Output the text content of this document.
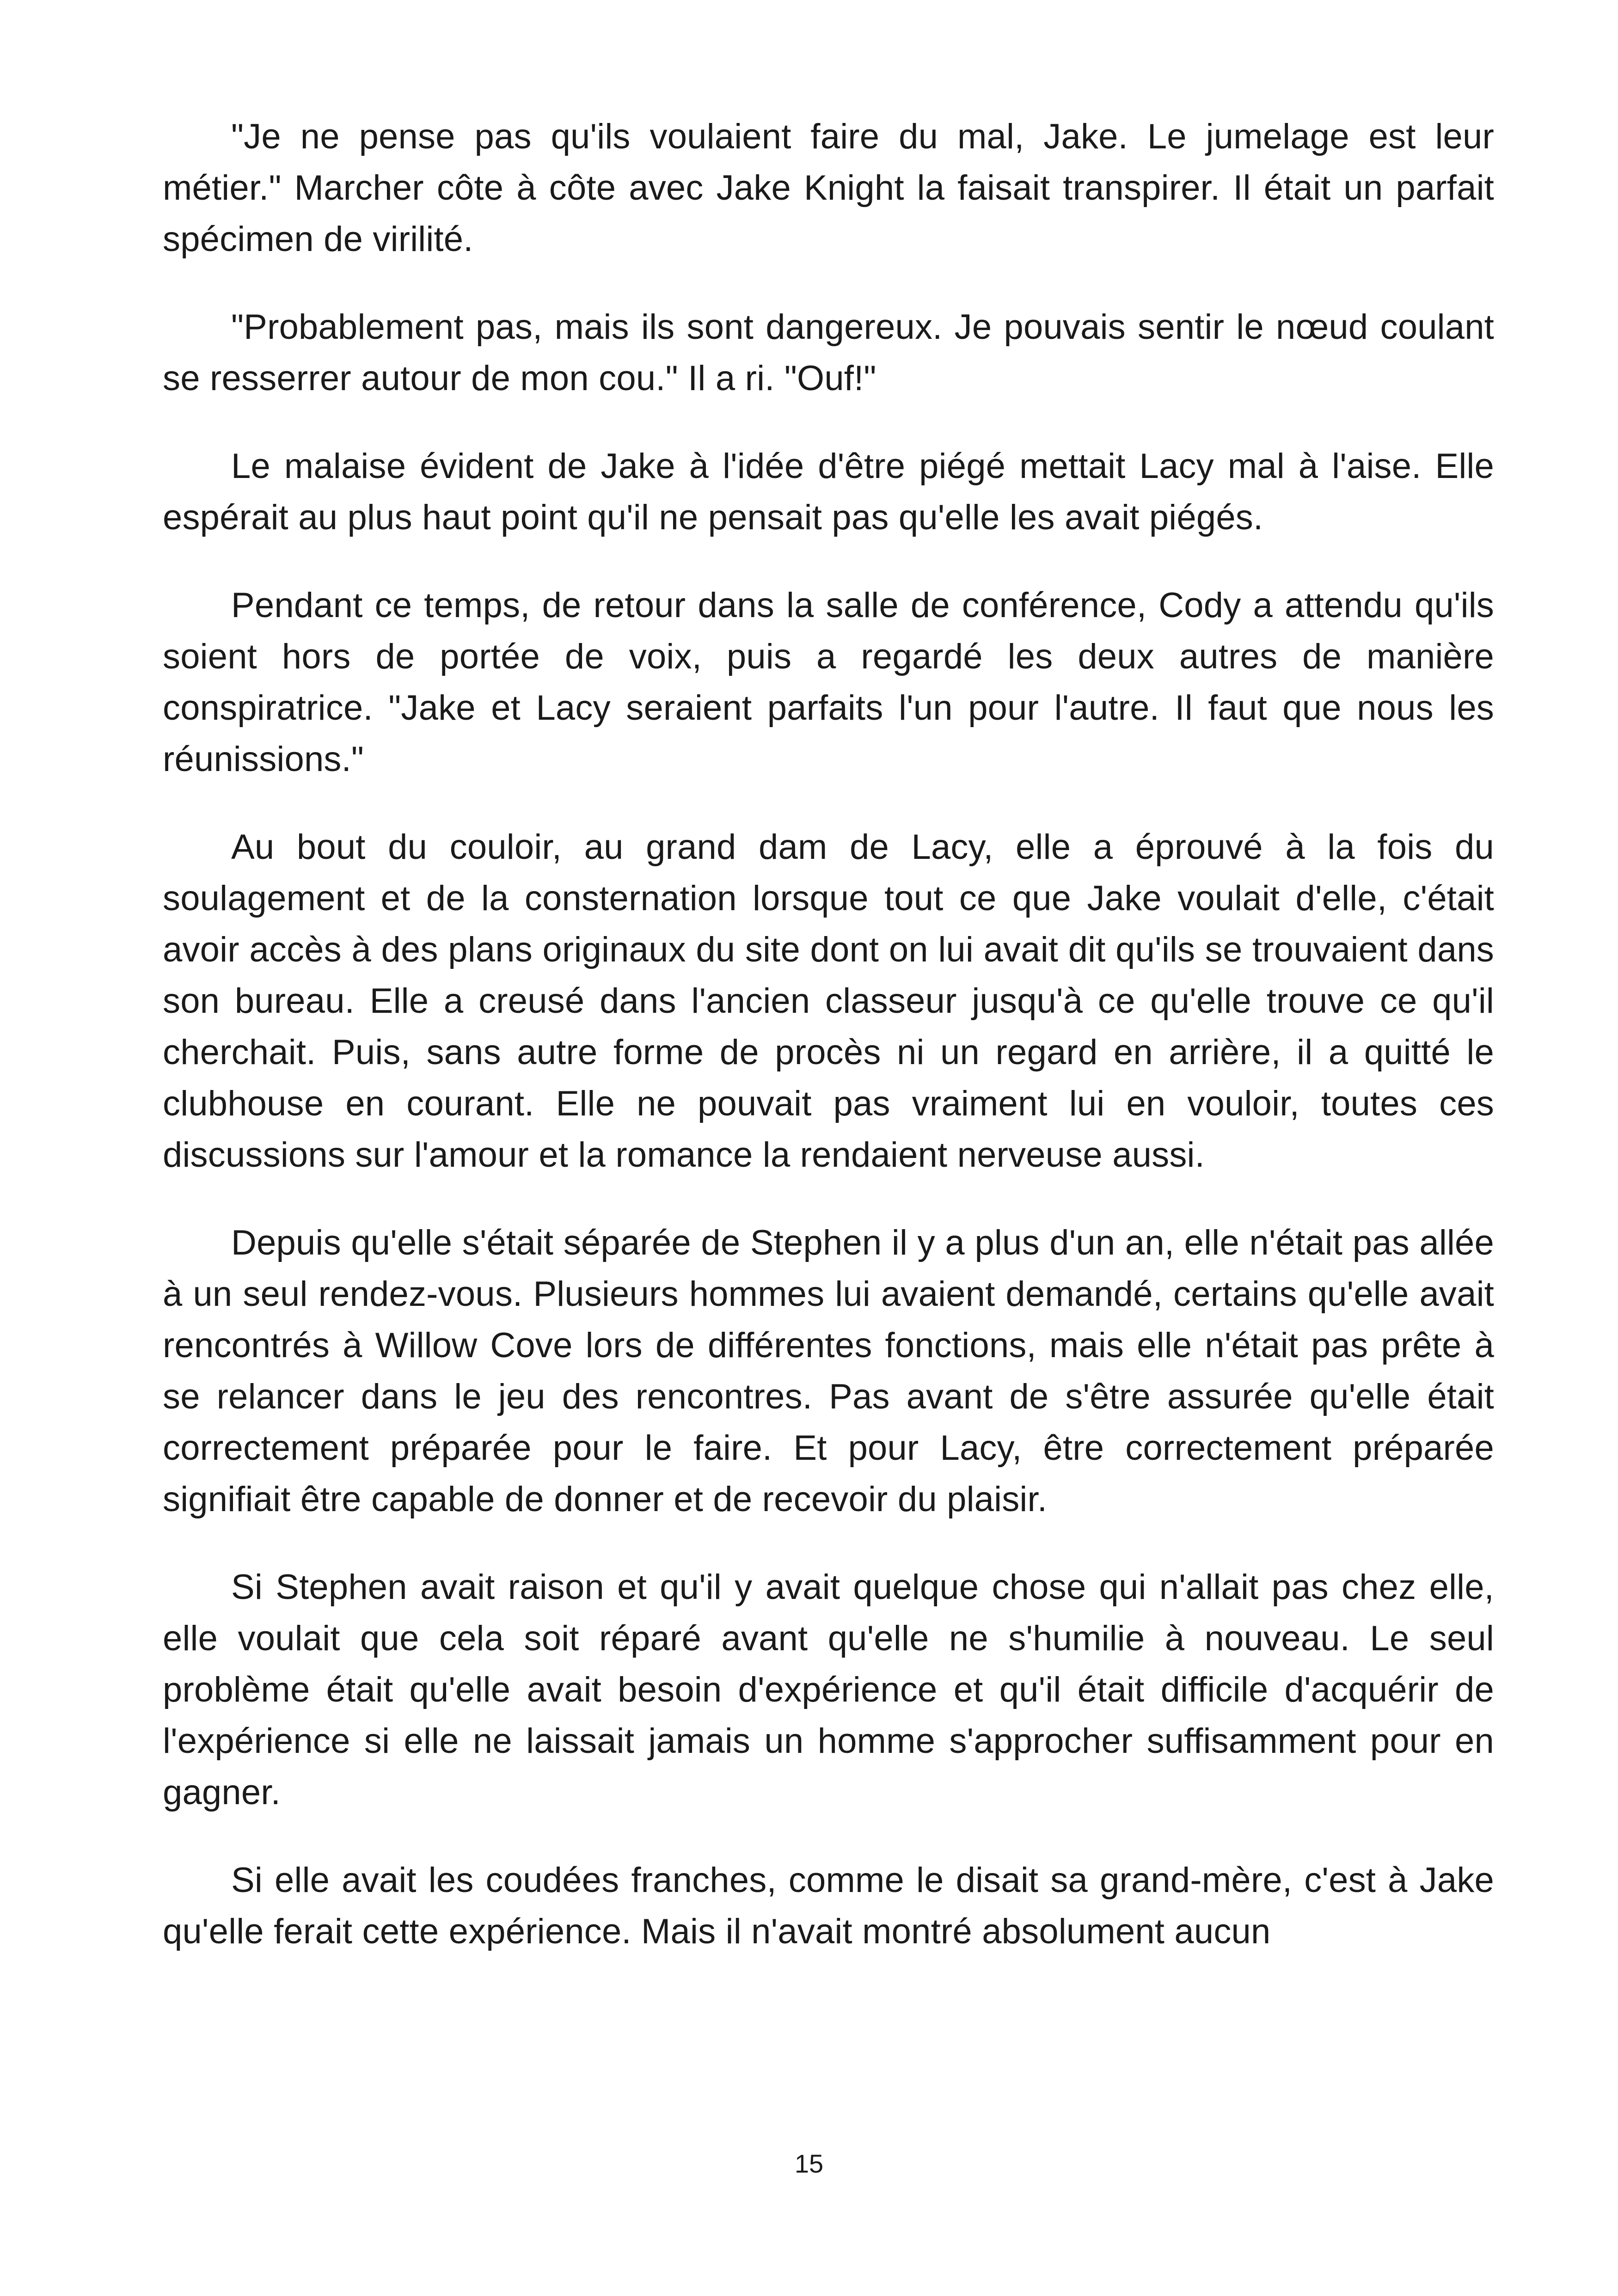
"Je ne pense pas qu'ils voulaient faire du mal, Jake. Le jumelage est leur métier." Marcher côte à côte avec Jake Knight la faisait transpirer. Il était un parfait spécimen de virilité.

"Probablement pas, mais ils sont dangereux. Je pouvais sentir le nœud coulant se resserrer autour de mon cou." Il a ri. "Ouf!"

Le malaise évident de Jake à l'idée d'être piégé mettait Lacy mal à l'aise. Elle espérait au plus haut point qu'il ne pensait pas qu'elle les avait piégés.

Pendant ce temps, de retour dans la salle de conférence, Cody a attendu qu'ils soient hors de portée de voix, puis a regardé les deux autres de manière conspiratrice. "Jake et Lacy seraient parfaits l'un pour l'autre. Il faut que nous les réunissions."

Au bout du couloir, au grand dam de Lacy, elle a éprouvé à la fois du soulagement et de la consternation lorsque tout ce que Jake voulait d'elle, c'était avoir accès à des plans originaux du site dont on lui avait dit qu'ils se trouvaient dans son bureau. Elle a creusé dans l'ancien classeur jusqu'à ce qu'elle trouve ce qu'il cherchait. Puis, sans autre forme de procès ni un regard en arrière, il a quitté le clubhouse en courant. Elle ne pouvait pas vraiment lui en vouloir, toutes ces discussions sur l'amour et la romance la rendaient nerveuse aussi.

Depuis qu'elle s'était séparée de Stephen il y a plus d'un an, elle n'était pas allée à un seul rendez-vous. Plusieurs hommes lui avaient demandé, certains qu'elle avait rencontrés à Willow Cove lors de différentes fonctions, mais elle n'était pas prête à se relancer dans le jeu des rencontres. Pas avant de s'être assurée qu'elle était correctement préparée pour le faire. Et pour Lacy, être correctement préparée signifiait être capable de donner et de recevoir du plaisir.

Si Stephen avait raison et qu'il y avait quelque chose qui n'allait pas chez elle, elle voulait que cela soit réparé avant qu'elle ne s'humilie à nouveau. Le seul problème était qu'elle avait besoin d'expérience et qu'il était difficile d'acquérir de l'expérience si elle ne laissait jamais un homme s'approcher suffisamment pour en gagner.

Si elle avait les coudées franches, comme le disait sa grand-mère, c'est à Jake qu'elle ferait cette expérience. Mais il n'avait montré absolument aucun

15
